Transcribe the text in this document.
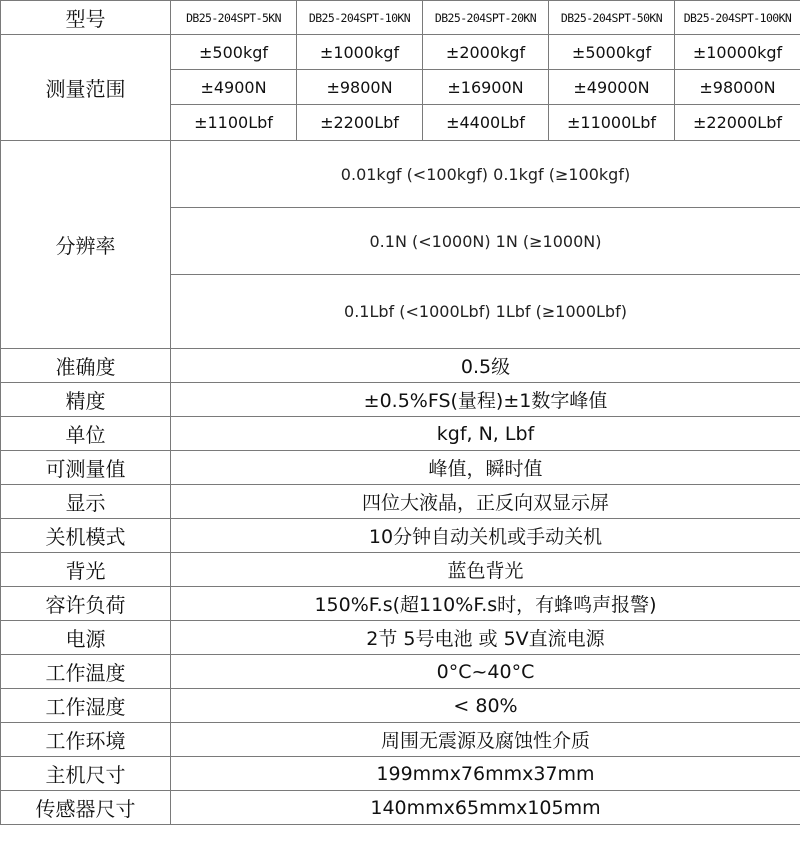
型号	DB25-204SPT-5KN	DB25-204SPT-10KN	DB25-204SPT-20KN	DB25-204SPT-50KN	DB25-204SPT-100KN
测量范围	±500kgf	±1000kgf	±2000kgf	±5000kgf	±10000kgf
	±4900N	±9800N	±16900N	±49000N	±98000N
	±1100Lbf	±2200Lbf	±4400Lbf	±11000Lbf	±22000Lbf
分辨率	0.01kgf (<100kgf) 0.1kgf (≥100kgf)				
	0.1N (<1000N) 1N (≥1000N)				
	0.1Lbf (<1000Lbf) 1Lbf (≥1000Lbf)				
准确度	0.5级				
精度	±0.5%FS(量程)±1数字峰值				
单位	kgf, N, Lbf				
可测量值	峰值，瞬时值				
显示	四位大液晶，正反向双显示屏				
关机模式	10分钟自动关机或手动关机				
背光	蓝色背光				
容许负荷	150%F.s(超110%F.s时，有蜂鸣声报警)				
电源	2节 5号电池 或 5V直流电源				
工作温度	0°C~40°C				
工作湿度	< 80%				
工作环境	周围无震源及腐蚀性介质				
主机尺寸	199mmx76mmx37mm				
传感器尺寸	140mmx65mmx105mm				
